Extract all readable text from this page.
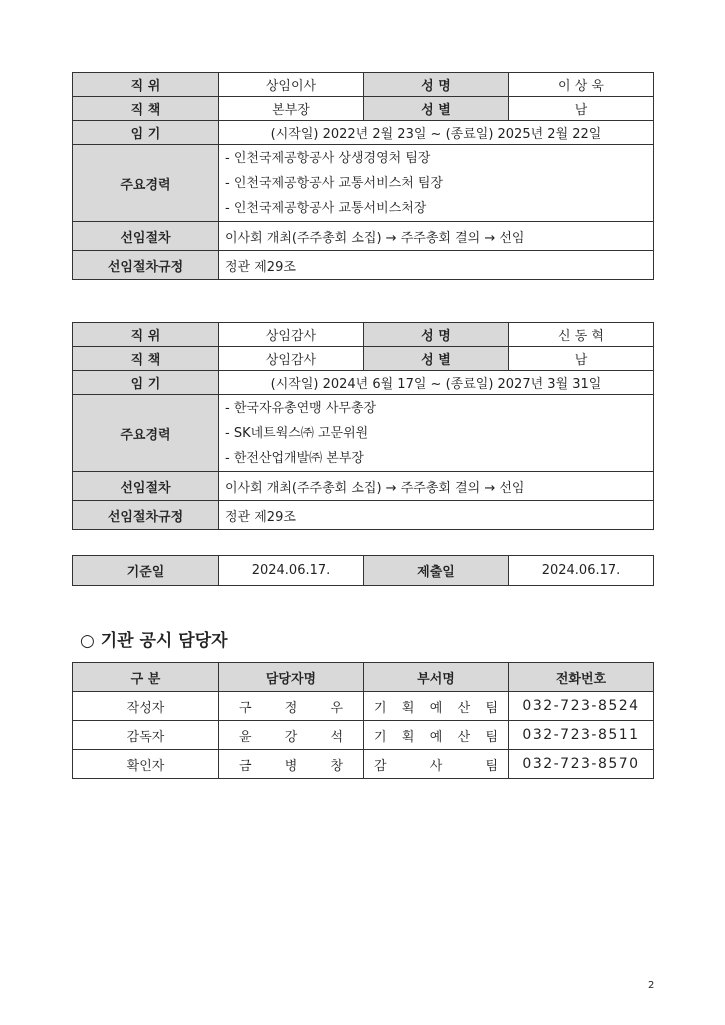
직 위	상임이사	성 명	이 상 욱
직 책	본부장	성 별	남
임 기	(시작일) 2022년 2월 23일 ~ (종료일) 2025년 2월 22일		
주요경력	- 인천국제공항공사 상생경영처 팀장
- 인천국제공항공사 교통서비스처 팀장
- 인천국제공항공사 교통서비스처장		

선임절차	이사회 개최(주주총회 소집) → 주주총회 결의 → 선임		
선임절차규정	정관 제29조		
직 위	상임감사	성 명	신 동 혁
직 책	상임감사	성 별	남
임 기	(시작일) 2024년 6월 17일 ~ (종료일) 2027년 3월 31일		
주요경력	- 한국자유총연맹 사무총장
- SK네트웍스㈜ 고문위원
- 한전산업개발㈜ 본부장		

선임절차	이사회 개최(주주총회 소집) → 주주총회 결의 → 선임		
선임절차규정	정관 제29조		
기준일	2024.06.17.	제출일	2024.06.17.
○ 기관 공시 담당자
구 분	담당자명	부서명	전화번호
작성자	구 정 우	기 획 예 산 팀	032-723-8524
감독자	윤 강 석	기 획 예 산 팀	032-723-8511
확인자	금 병 창	감 사 팀	032-723-8570
2
